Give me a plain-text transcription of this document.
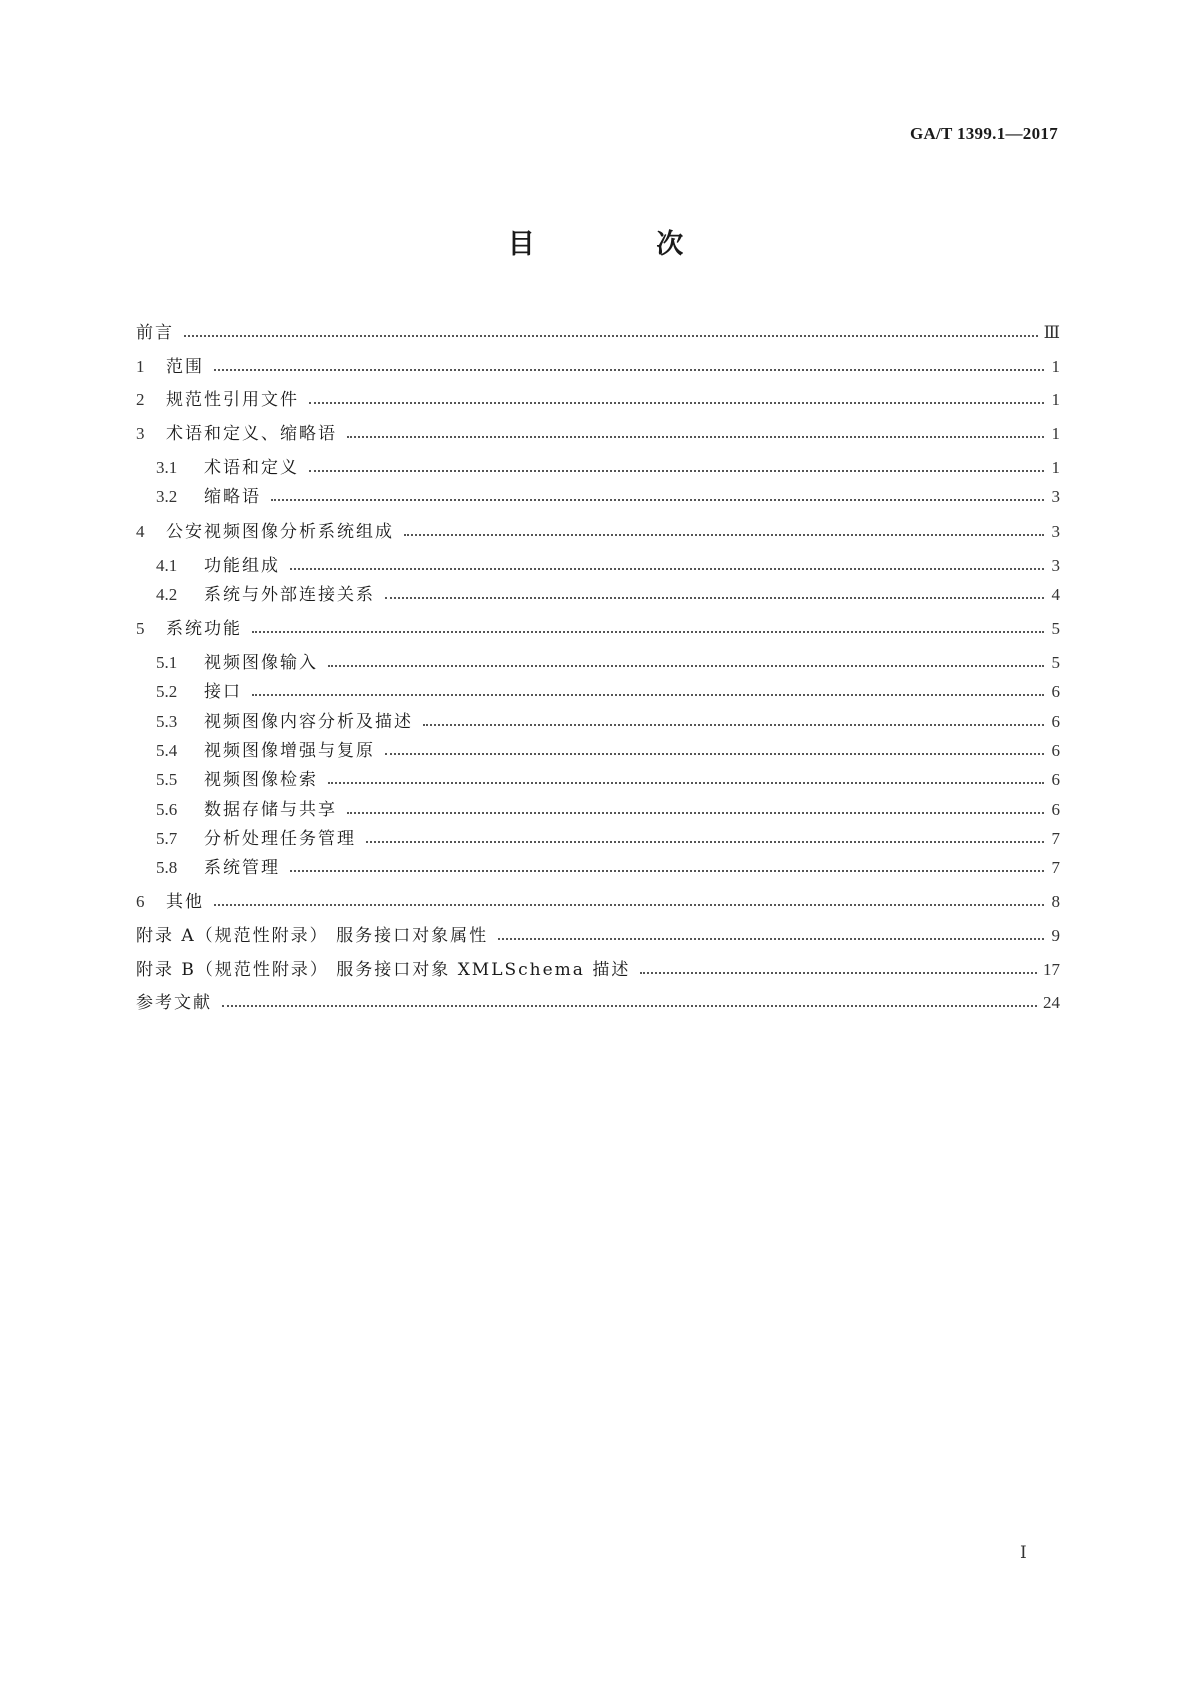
GA/T 1399.1—2017
目 次
前言	Ⅲ
1	范围	1
2	规范性引用文件	1
3	术语和定义、缩略语	1
3.1	术语和定义	1
3.2	缩略语	3
4	公安视频图像分析系统组成	3
4.1	功能组成	3
4.2	系统与外部连接关系	4
5	系统功能	5
5.1	视频图像输入	5
5.2	接口	6
5.3	视频图像内容分析及描述	6
5.4	视频图像增强与复原	6
5.5	视频图像检索	6
5.6	数据存储与共享	6
5.7	分析处理任务管理	7
5.8	系统管理	7
6	其他	8
附录 A（规范性附录） 服务接口对象属性	9
附录 B（规范性附录） 服务接口对象 XMLSchema 描述	17
参考文献	24
Ⅰ
